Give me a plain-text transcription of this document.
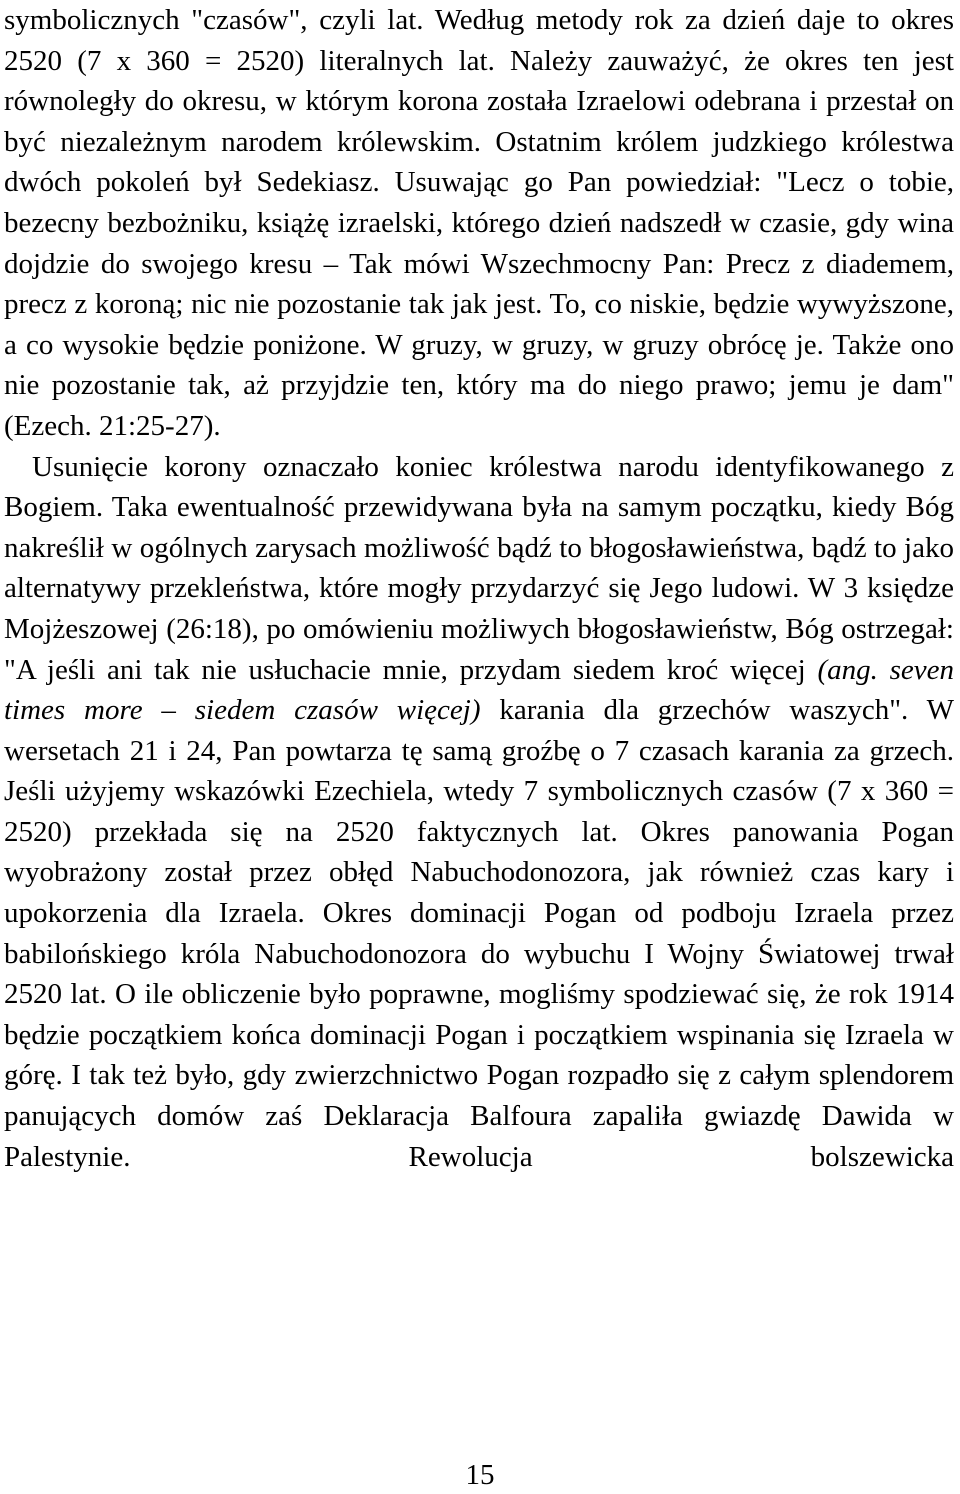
symbolicznych "czasów", czyli lat. Według metody rok za dzień daje to okres 2520 (7 x 360 = 2520) literalnych lat. Należy zauważyć, że okres ten jest równoległy do okresu, w którym korona została Izraelowi odebrana i przestał on być niezależnym narodem królewskim. Ostatnim królem judzkiego królestwa dwóch pokoleń był Sedekiasz. Usuwając go Pan powiedział: "Lecz o tobie, bezecny bezbożniku, książę izraelski, którego dzień nadszedł w czasie, gdy wina dojdzie do swojego kresu – Tak mówi Wszechmocny Pan: Precz z diademem, precz z koroną; nic nie pozostanie tak jak jest. To, co niskie, będzie wywyższone, a co wysokie będzie poniżone. W gruzy, w gruzy, w gruzy obrócę je. Także ono nie pozostanie tak, aż przyjdzie ten, który ma do niego prawo; jemu je dam" (Ezech. 21:25-27).

Usunięcie korony oznaczało koniec królestwa narodu identyfikowanego z Bogiem. Taka ewentualność przewidywana była na samym początku, kiedy Bóg nakreślił w ogólnych zarysach możliwość bądź to błogosławieństwa, bądź to jako alternatywy przekleństwa, które mogły przydarzyć się Jego ludowi. W 3 księdze Mojżeszowej (26:18), po omówieniu możliwych błogosławieństw, Bóg ostrzegał: "A jeśli ani tak nie usłuchacie mnie, przydam siedem kroć więcej (ang. seven times more – siedem czasów więcej) karania dla grzechów waszych". W wersetach 21 i 24, Pan powtarza tę samą groźbę o 7 czasach karania za grzech. Jeśli użyjemy wskazówki Ezechiela, wtedy 7 symbolicznych czasów (7 x 360 = 2520) przekłada się na 2520 faktycznych lat. Okres panowania Pogan wyobrażony został przez obłęd Nabuchodonozora, jak również czas kary i upokorzenia dla Izraela. Okres dominacji Pogan od podboju Izraela przez babilońskiego króla Nabuchodonozora do wybuchu I Wojny Światowej trwał 2520 lat. O ile obliczenie było poprawne, mogliśmy spodziewać się, że rok 1914 będzie początkiem końca dominacji Pogan i początkiem wspinania się Izraela w górę. I tak też było, gdy zwierzchnictwo Pogan rozpadło się z całym splendorem panujących domów zaś Deklaracja Balfoura zapaliła gwiazdę Dawida w Palestynie. Rewolucja bolszewicka

15
